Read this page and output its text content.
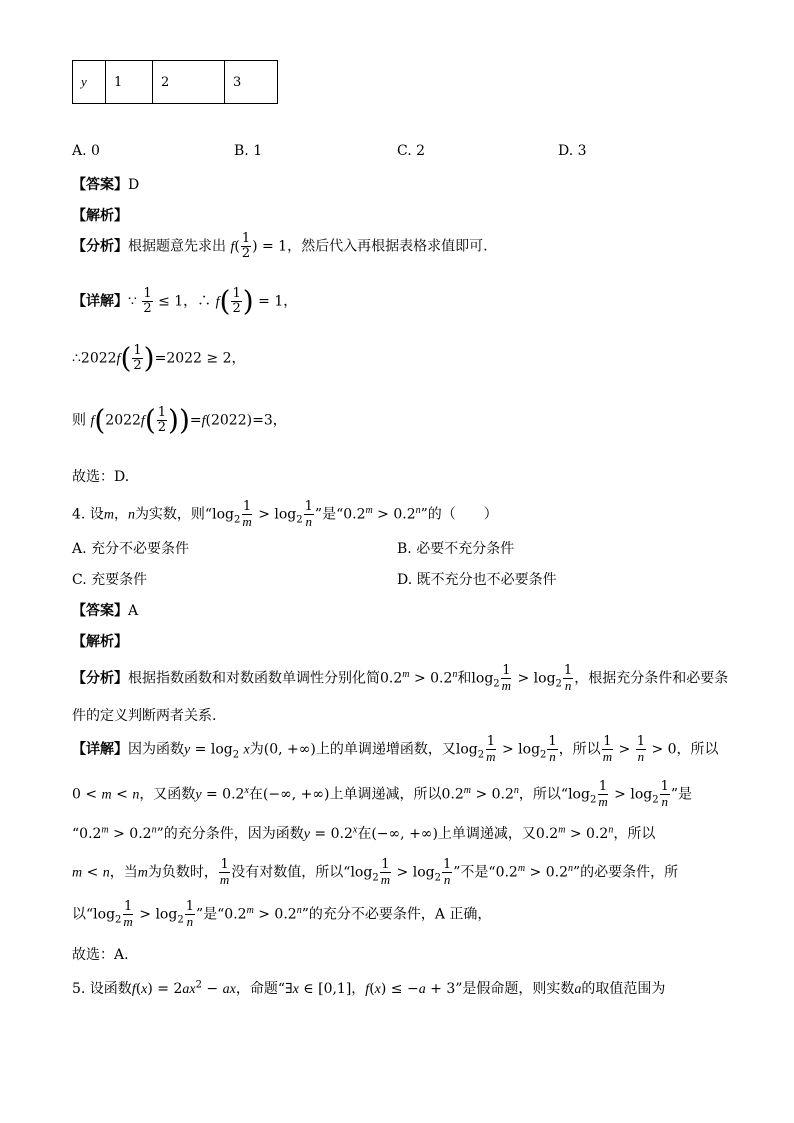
y	1	2	3
A. 0	B. 1	C. 2	D. 3
【答案】D
【解析】
【分析】根据题意先求出 $f( \frac{1}{2}$ ) = 1，然后代入再根据表格求值即可.
【详解】∵ $\frac{1}{2} \le 1$，∴ $f( \frac{1}{2}$ ) = 1，
∴2022f( $\frac{1}{2} )=2022 \ge 2$，
则 $f(2022f( \frac{1}{2} ))=f(2022)=3$，
故选：D.
4. 设m，n为实数，则“$\log_2 \frac{1}{m} > \log_2 \frac{1}{n}$ ”是“$0.2^m > 0.2^n$”的（　　）
A. 充分不必要条件	B. 必要不充分条件
C. 充要条件	D. 既不充分也不必要条件
【答案】A
【解析】
【分析】根据指数函数和对数函数单调性分别化简$0.2^m > 0.2^n$和$\log_2 \frac{1}{m} > \log_2 \frac{1}{n}$ ，根据充分条件和必要条
件的定义判断两者关系.
【详解】因为函数$y = \log_2 x$为(0, +∞)上的单调递增函数，又$\log_2 \frac{1}{m} > \log_2 \frac{1}{n}$ ，所以 $\frac{1}{m} > \frac{1}{n} > 0$，所以
0 < m < n，又函数$y = 0.2^x$在(−∞, +∞)上单调递减，所以$0.2^m > 0.2^n$，所以“$\log_2 \frac{1}{m} > \log_2 \frac{1}{n}$ ”是
“$0.2^m > 0.2^n$”的充分条件，因为函数$y = 0.2^x$在(−∞, +∞)上单调递减，又$0.2^m > 0.2^n$，所以
m < n，当m为负数时， $\frac{1}{m}$ 没有对数值，所以“$\log_2 \frac{1}{m} > \log_2 \frac{1}{n}$ ”不是“$0.2^m > 0.2^n$”的必要条件，所
以“$\log_2 \frac{1}{m} > \log_2 \frac{1}{n}$ ”是“$0.2^m > 0.2^n$”的充分不必要条件，A 正确，
故选：A.
5. 设函数$f(x) = 2ax^2$ − ax，命题“∃x ∈ [0,1]，f(x) ≤ −a + 3”是假命题，则实数a的取值范围为
